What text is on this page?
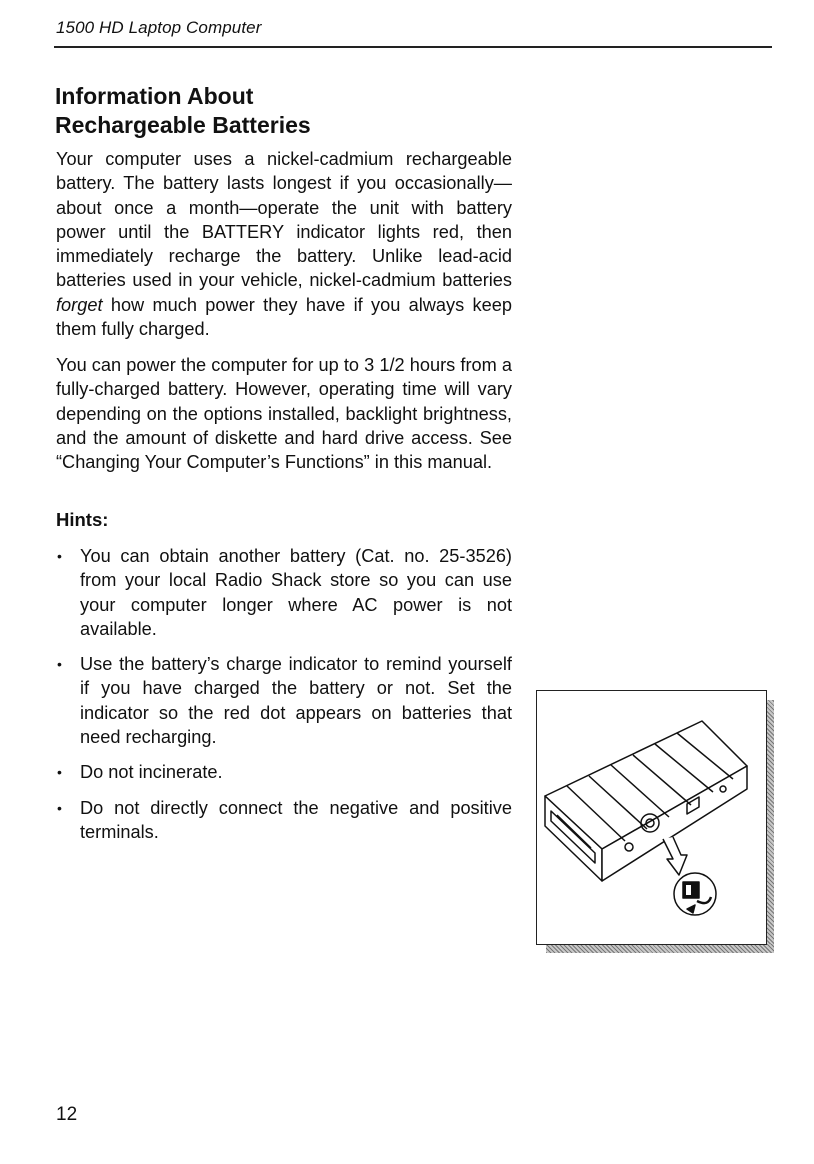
1500 HD Laptop Computer
Information About
Rechargeable Batteries

Your computer uses a nickel-cadmium rechargeable battery. The battery lasts longest if you occasionally—about once a month—operate the unit with battery power until the BATTERY indicator lights red, then immediately recharge the battery. Unlike lead-acid batteries used in your vehicle, nickel-cadmium batteries forget how much power they have if you always keep them fully charged.

You can power the computer for up to 3 1/2 hours from a fully-charged battery. However, operating time will vary depending on the options installed, backlight brightness, and the amount of diskette and hard drive access. See “Changing Your Computer’s Functions” in this manual.

Hints:
• You can obtain another battery (Cat. no. 25-3526) from your local Radio Shack store so you can use your computer longer where AC power is not available.
• Use the battery’s charge indicator to remind yourself if you have charged the battery or not. Set the indicator so the red dot appears on batteries that need recharging.
• Do not incinerate.
• Do not directly connect the negative and positive terminals.
12
